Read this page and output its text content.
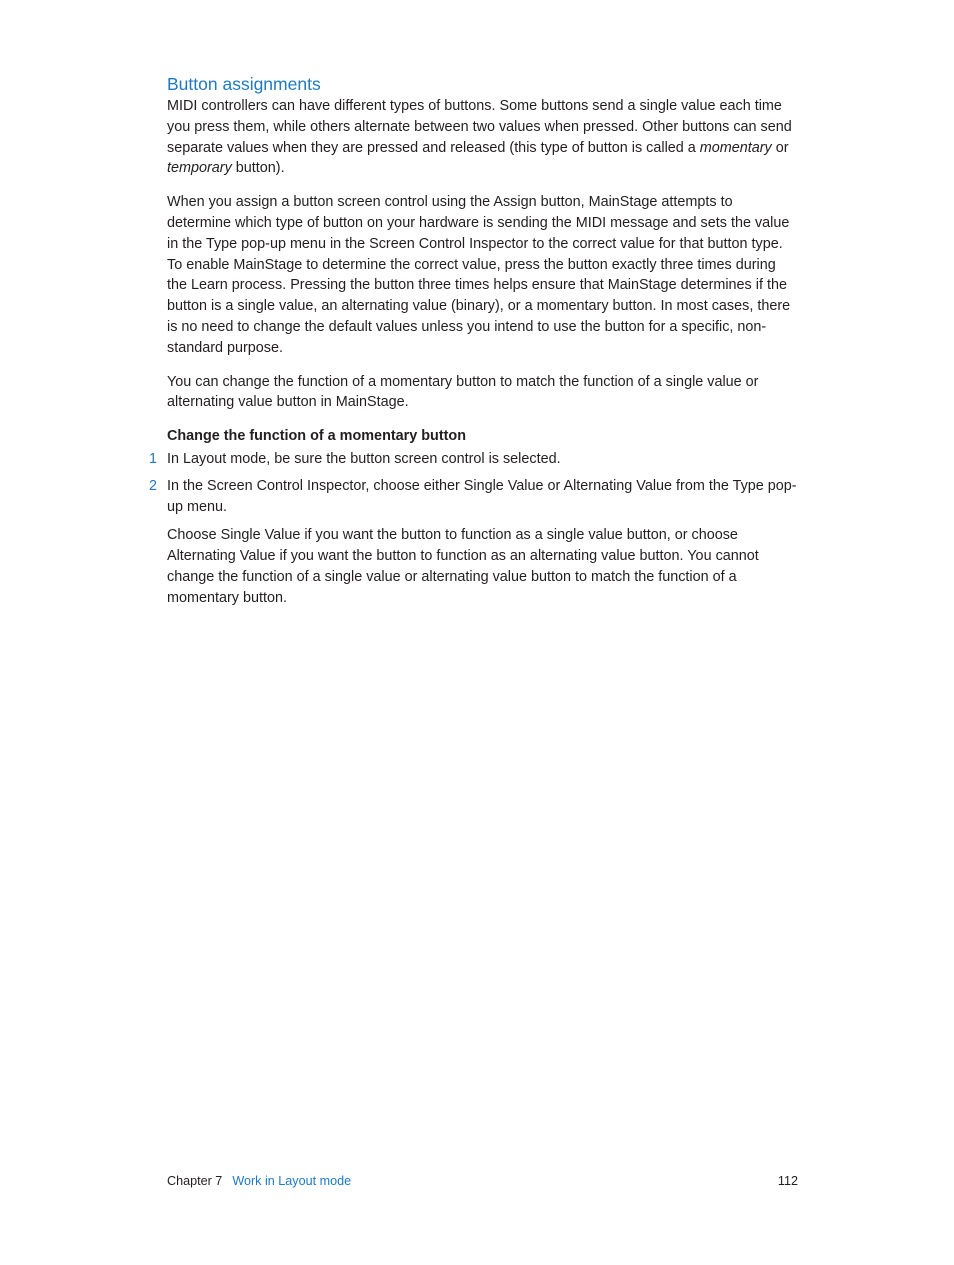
Button assignments

MIDI controllers can have different types of buttons. Some buttons send a single value each time you press them, while others alternate between two values when pressed. Other buttons can send separate values when they are pressed and released (this type of button is called a momentary or temporary button).

When you assign a button screen control using the Assign button, MainStage attempts to determine which type of button on your hardware is sending the MIDI message and sets the value in the Type pop-up menu in the Screen Control Inspector to the correct value for that button type. To enable MainStage to determine the correct value, press the button exactly three times during the Learn process. Pressing the button three times helps ensure that MainStage determines if the button is a single value, an alternating value (binary), or a momentary button. In most cases, there is no need to change the default values unless you intend to use the button for a specific, non-standard purpose.

You can change the function of a momentary button to match the function of a single value or alternating value button in MainStage.

Change the function of a momentary button
1 In Layout mode, be sure the button screen control is selected.
2 In the Screen Control Inspector, choose either Single Value or Alternating Value from the Type pop-up menu.

Choose Single Value if you want the button to function as a single value button, or choose Alternating Value if you want the button to function as an alternating value button. You cannot change the function of a single value or alternating value button to match the function of a momentary button.

Chapter 7 Work in Layout mode	112
